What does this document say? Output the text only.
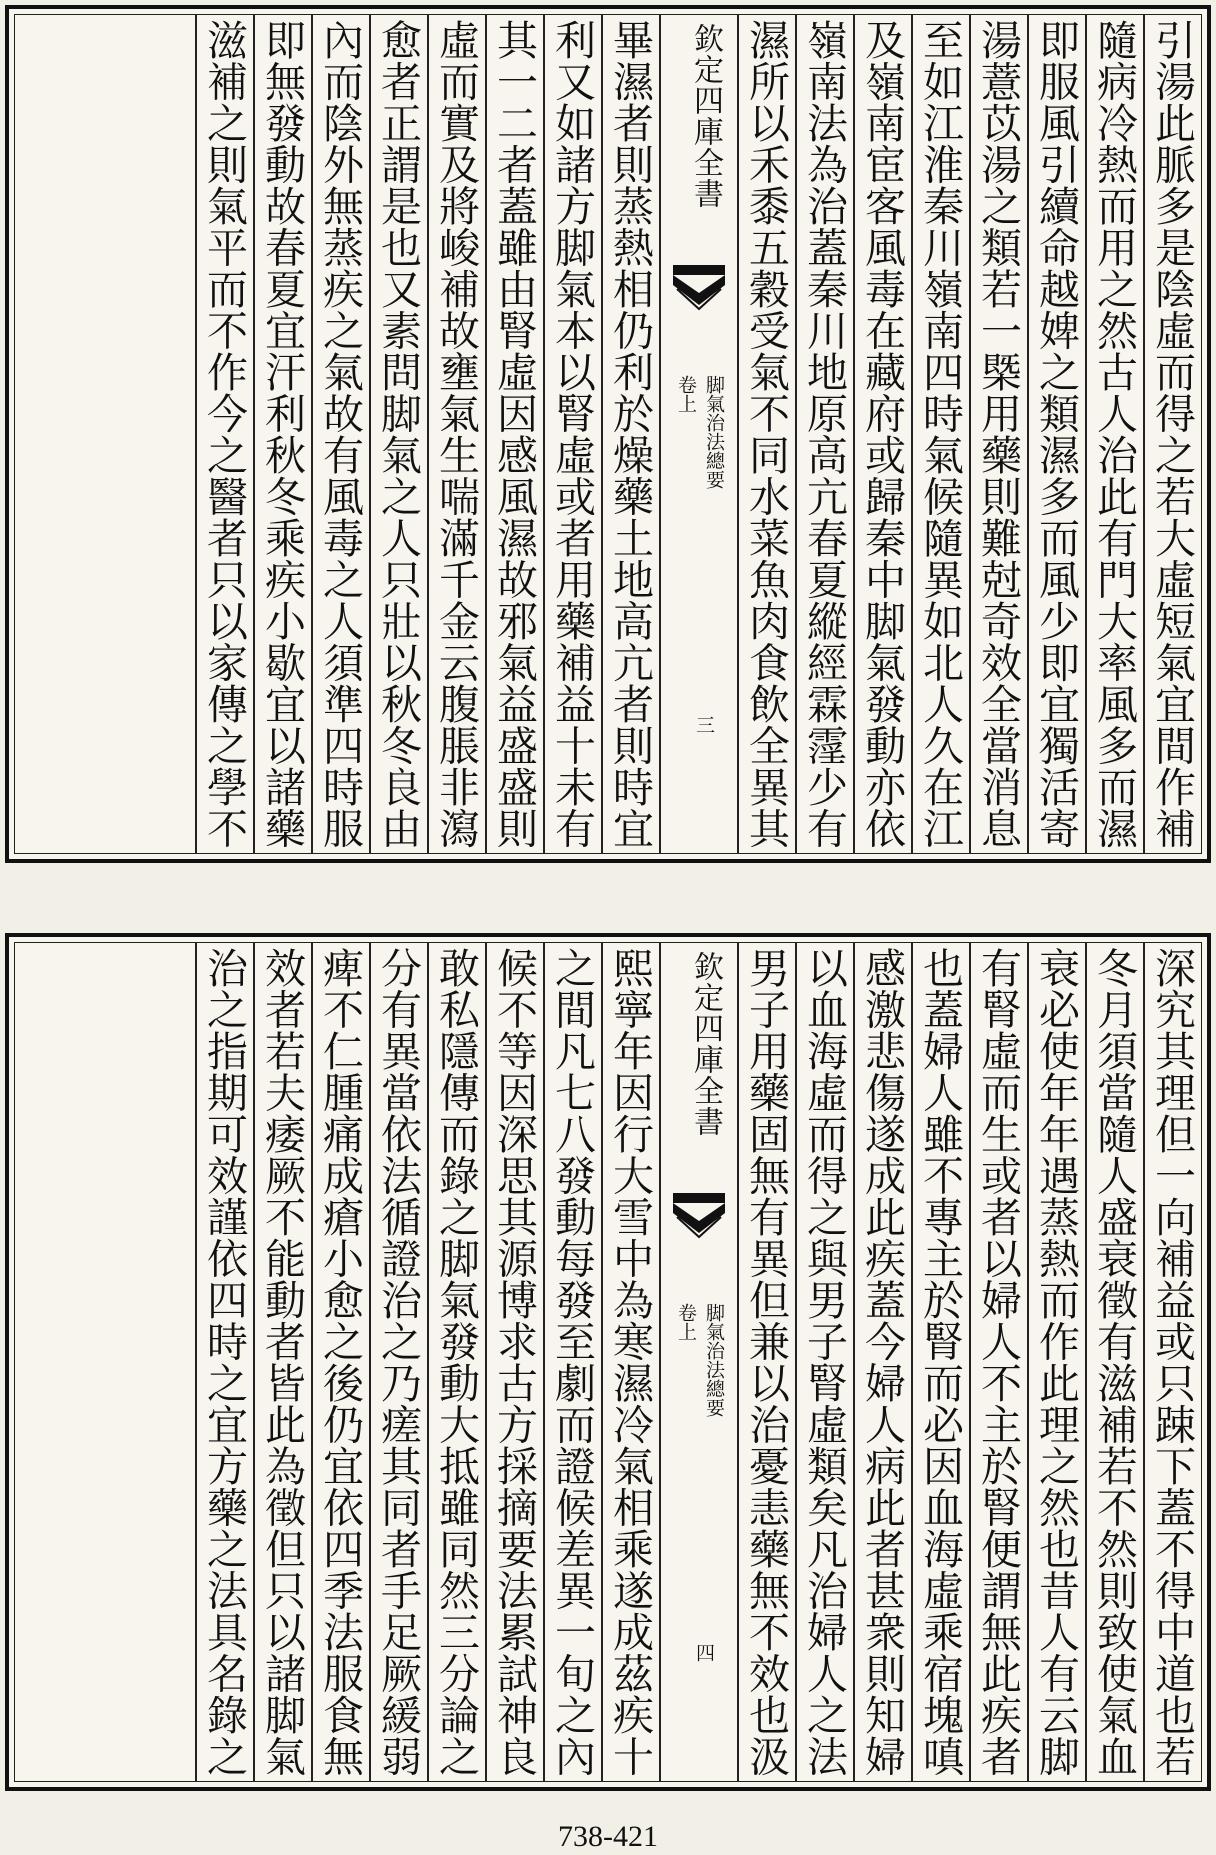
引湯此脈多是陰虛而得之若大虛短氣宜間作補
隨病冷熱而用之然古人治此有門大率風多而濕
即服風引續命越婢之類濕多而風少即宜獨活寄
湯薏苡湯之類若一槩用藥則難尅奇效全當消息
至如江淮秦川嶺南四時氣候隨異如北人久在江
及嶺南宦客風毒在藏府或歸秦中脚氣發動亦依
嶺南法為治蓋秦川地原高亢春夏縱經霖霪少有
濕所以禾黍五穀受氣不同水菜魚肉食飲全異其
欽定四庫全書
脚氣治法總要
卷上
三
畢濕者則蒸熱相仍利於燥藥土地高亢者則時宜
利又如諸方脚氣本以腎虛或者用藥補益十未有
其一二者蓋雖由腎虛因感風濕故邪氣益盛盛則
虛而實及將峻補故壅氣生喘滿千金云腹脹非瀉
愈者正謂是也又素問脚氣之人只壯以秋冬良由
內而陰外無蒸疾之氣故有風毒之人須準四時服
即無發動故春夏宜汗利秋冬乘疾小歇宜以諸藥
滋補之則氣平而不作今之醫者只以家傳之學不
深究其理但一向補益或只踈下蓋不得中道也若
冬月須當隨人盛衰徵有滋補若不然則致使氣血
衰必使年年遇蒸熱而作此理之然也昔人有云脚
有腎虛而生或者以婦人不主於腎便謂無此疾者
也蓋婦人雖不專主於腎而必因血海虛乘宿塊嗔
感激悲傷遂成此疾蓋今婦人病此者甚衆則知婦
以血海虛而得之與男子腎虛類矣凡治婦人之法
男子用藥固無有異但兼以治憂恚藥無不效也汲
欽定四庫全書
脚氣治法總要
卷上
四
熙寧年因行大雪中為寒濕冷氣相乘遂成茲疾十
之間凡七八發動每發至劇而證候差異一旬之內
候不等因深思其源博求古方採摘要法累試神良
敢私隱傳而錄之脚氣發動大抵雖同然三分論之
分有異當依法循證治之乃瘥其同者手足厥緩弱
痺不仁腫痛成瘡小愈之後仍宜依四季法服食無
效者若夫痿厥不能動者皆此為徵但只以諸脚氣
治之指期可效謹依四時之宜方藥之法具名錄之
738-421
